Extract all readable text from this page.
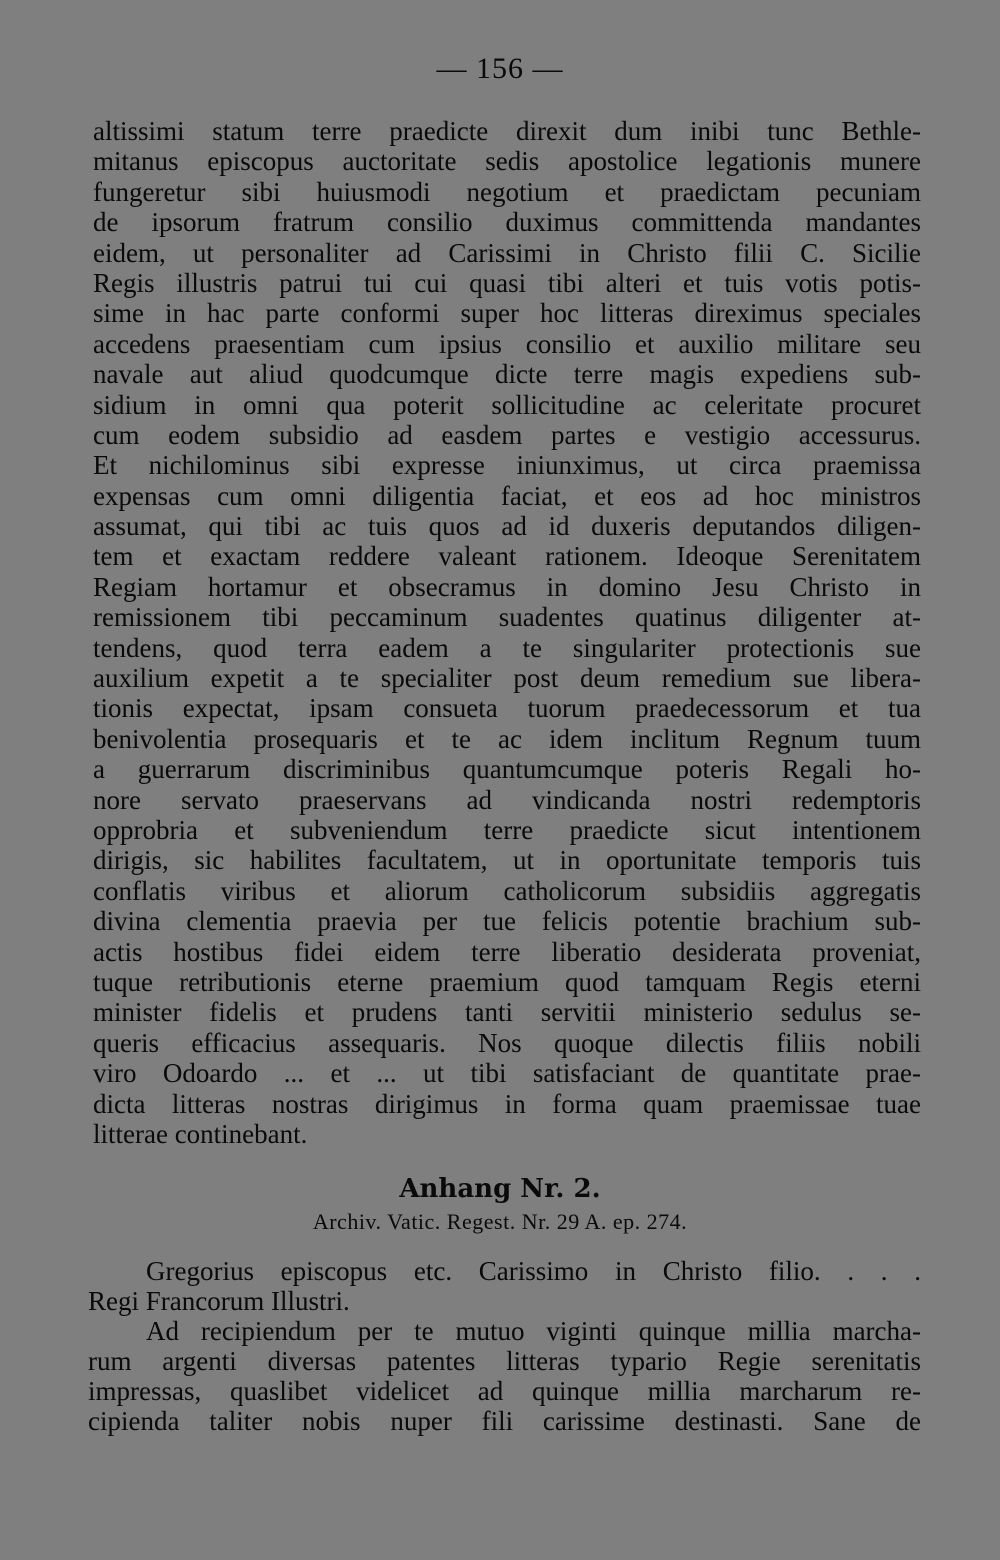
— 156 —
altissimi statum terre praedicte direxit dum inibi tunc Bethle-
mitanus episcopus auctoritate sedis apostolice legationis munere
fungeretur sibi huiusmodi negotium et praedictam pecuniam
de ipsorum fratrum consilio duximus committenda mandantes
eidem, ut personaliter ad Carissimi in Christo filii C. Sicilie
Regis illustris patrui tui cui quasi tibi alteri et tuis votis potis-
sime in hac parte conformi super hoc litteras direximus speciales
accedens praesentiam cum ipsius consilio et auxilio militare seu
navale aut aliud quodcumque dicte terre magis expediens sub-
sidium in omni qua poterit sollicitudine ac celeritate procuret
cum eodem subsidio ad easdem partes e vestigio accessurus.
Et nichilominus sibi expresse iniunximus, ut circa praemissa
expensas cum omni diligentia faciat, et eos ad hoc ministros
assumat, qui tibi ac tuis quos ad id duxeris deputandos diligen-
tem et exactam reddere valeant rationem. Ideoque Serenitatem
Regiam hortamur et obsecramus in domino Jesu Christo in
remissionem tibi peccaminum suadentes quatinus diligenter at-
tendens, quod terra eadem a te singulariter protectionis sue
auxilium expetit a te specialiter post deum remedium sue libera-
tionis expectat, ipsam consueta tuorum praedecessorum et tua
benivolentia prosequaris et te ac idem inclitum Regnum tuum
a guerrarum discriminibus quantumcumque poteris Regali ho-
nore servato praeservans ad vindicanda nostri redemptoris
opprobria et subveniendum terre praedicte sicut intentionem
dirigis, sic habilites facultatem, ut in oportunitate temporis tuis
conflatis viribus et aliorum catholicorum subsidiis aggregatis
divina clementia praevia per tue felicis potentie brachium sub-
actis hostibus fidei eidem terre liberatio desiderata proveniat,
tuque retributionis eterne praemium quod tamquam Regis eterni
minister fidelis et prudens tanti servitii ministerio sedulus se-
queris efficacius assequaris. Nos quoque dilectis filiis nobili
viro Odoardo ... et ... ut tibi satisfaciant de quantitate prae-
dicta litteras nostras dirigimus in forma quam praemissae tuae
litterae continebant.
Anhang Nr. 2.
Archiv. Vatic. Regest. Nr. 29 A. ep. 274.
Gregorius episcopus etc. Carissimo in Christo filio. . . .
Regi Francorum Illustri.
Ad recipiendum per te mutuo viginti quinque millia marcha-
rum argenti diversas patentes litteras typario Regie serenitatis
impressas, quaslibet videlicet ad quinque millia marcharum re-
cipienda taliter nobis nuper fili carissime destinasti. Sane de
